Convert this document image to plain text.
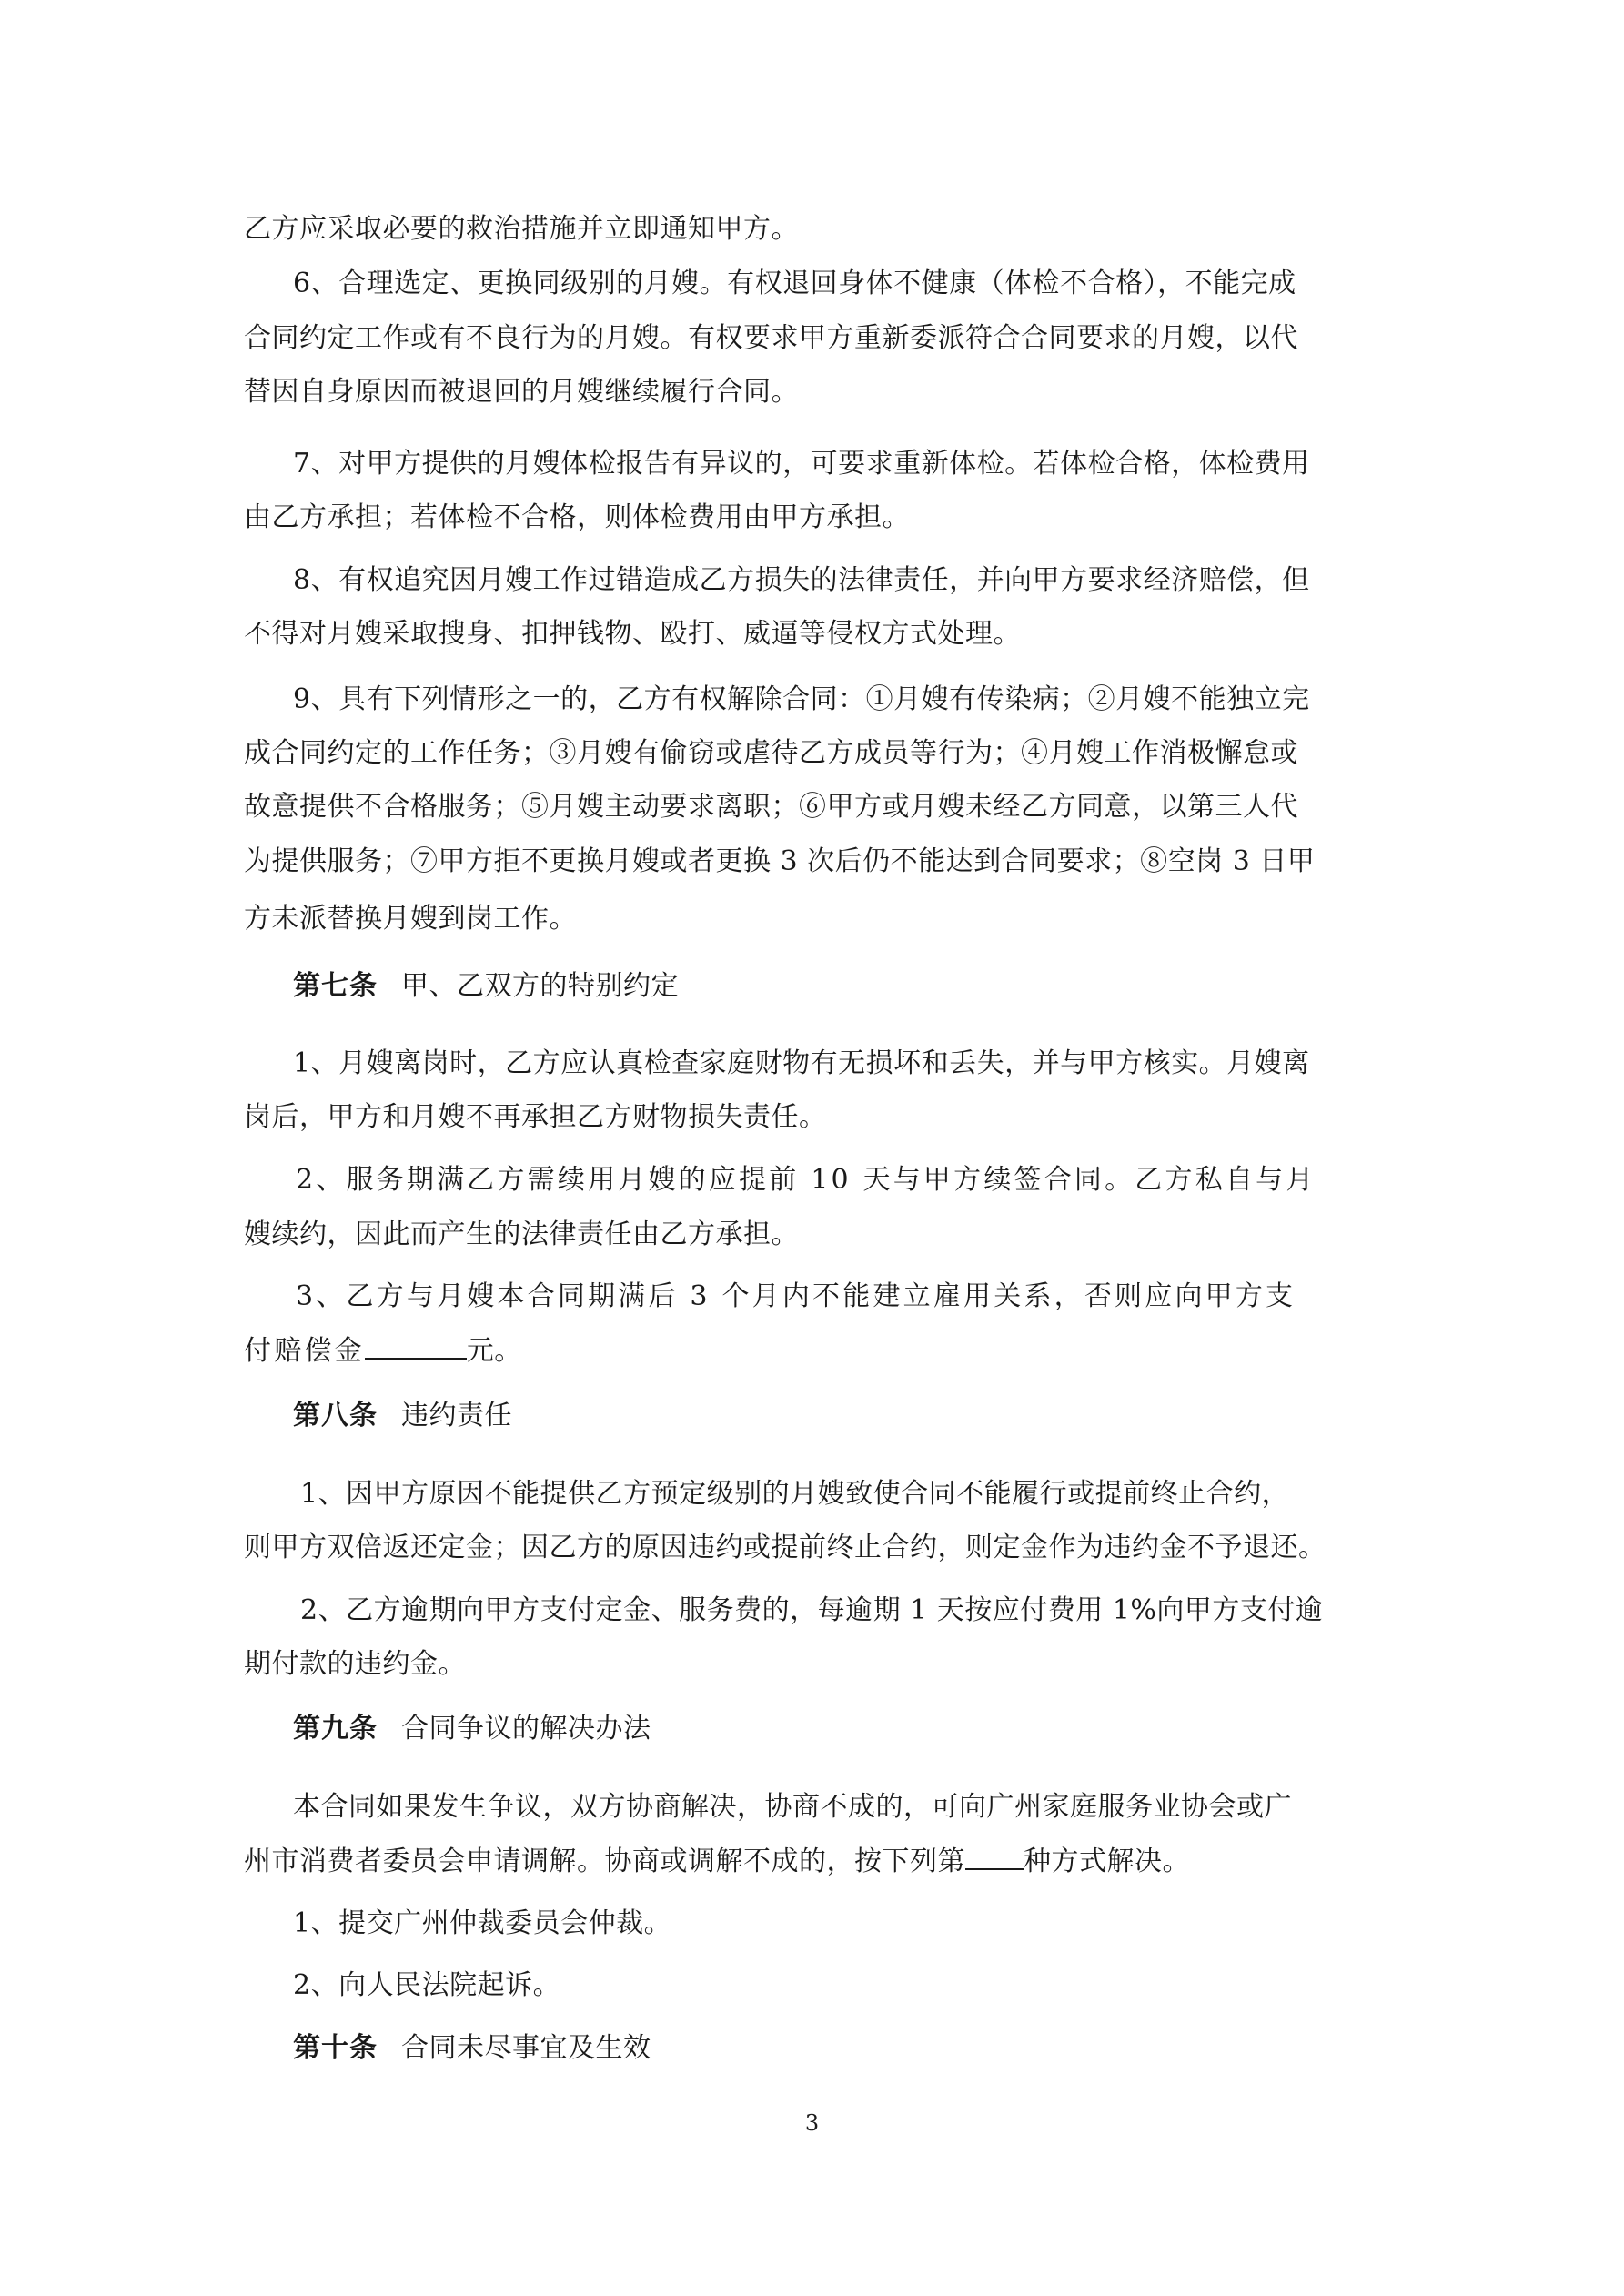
乙方应采取必要的救治措施并立即通知甲方。
6、合理选定、更换同级别的月嫂。有权退回身体不健康（体检不合格），不能完成
合同约定工作或有不良行为的月嫂。有权要求甲方重新委派符合合同要求的月嫂，以代
替因自身原因而被退回的月嫂继续履行合同。
7、对甲方提供的月嫂体检报告有异议的，可要求重新体检。若体检合格，体检费用
由乙方承担；若体检不合格，则体检费用由甲方承担。
8、有权追究因月嫂工作过错造成乙方损失的法律责任，并向甲方要求经济赔偿，但
不得对月嫂采取搜身、扣押钱物、殴打、威逼等侵权方式处理。
9、具有下列情形之一的，乙方有权解除合同：①月嫂有传染病；②月嫂不能独立完
成合同约定的工作任务；③月嫂有偷窃或虐待乙方成员等行为；④月嫂工作消极懈怠或
故意提供不合格服务；⑤月嫂主动要求离职；⑥甲方或月嫂未经乙方同意，以第三人代
为提供服务；⑦甲方拒不更换月嫂或者更换 3 次后仍不能达到合同要求；⑧空岗 3 日甲
方未派替换月嫂到岗工作。
第七条 甲、乙双方的特别约定
1、月嫂离岗时，乙方应认真检查家庭财物有无损坏和丢失，并与甲方核实。月嫂离
岗后，甲方和月嫂不再承担乙方财物损失责任。
2、服务期满乙方需续用月嫂的应提前 10 天与甲方续签合同。乙方私自与月
嫂续约，因此而产生的法律责任由乙方承担。
3、乙方与月嫂本合同期满后 3 个月内不能建立雇用关系，否则应向甲方支
付赔偿金	元。
第八条 违约责任
1、因甲方原因不能提供乙方预定级别的月嫂致使合同不能履行或提前终止合约，
则甲方双倍返还定金；因乙方的原因违约或提前终止合约，则定金作为违约金不予退还。
2、乙方逾期向甲方支付定金、服务费的，每逾期 1 天按应付费用 1%向甲方支付逾
期付款的违约金。
第九条 合同争议的解决办法
本合同如果发生争议，双方协商解决，协商不成的，可向广州家庭服务业协会或广
州市消费者委员会申请调解。协商或调解不成的，按下列第 种方式解决。
1、提交广州仲裁委员会仲裁。
2、向人民法院起诉。
第十条 合同未尽事宜及生效
3
